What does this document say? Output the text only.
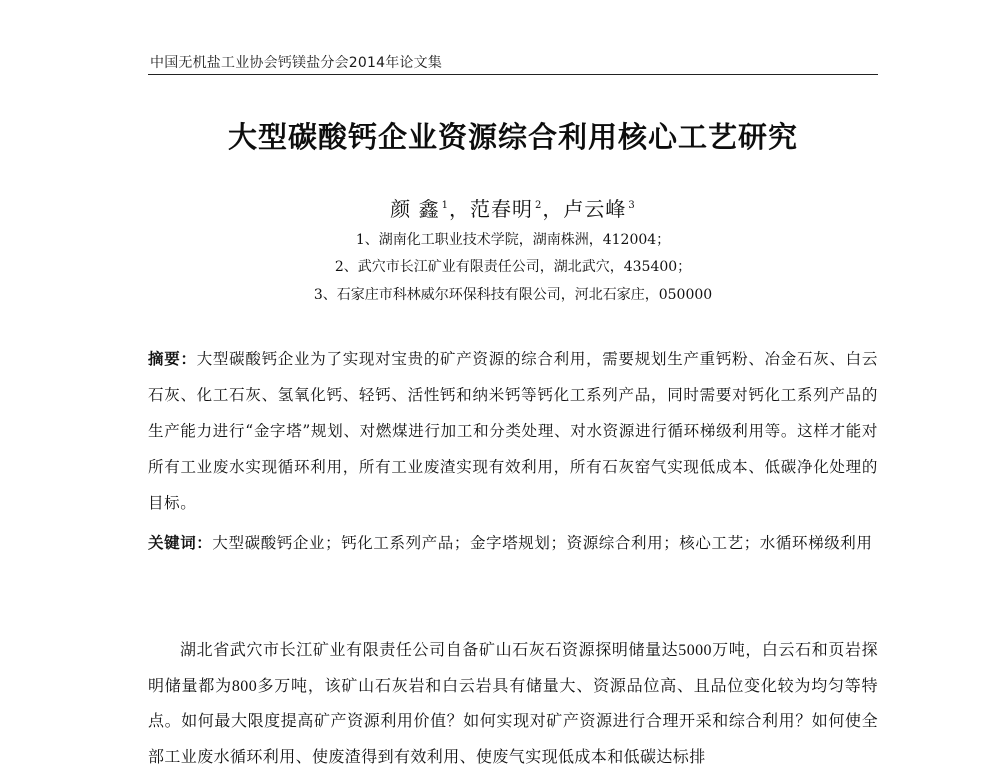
中国无机盐工业协会钙镁盐分会2014年论文集
大型碳酸钙企业资源综合利用核心工艺研究
颜 鑫 $^1$，范春明 $^2$，卢云峰 $^3$
1、湖南化工职业技术学院，湖南株洲，412004；
2、武穴市长江矿业有限责任公司，湖北武穴，435400；
3、石家庄市科林威尔环保科技有限公司，河北石家庄，050000
摘要：大型碳酸钙企业为了实现对宝贵的矿产资源的综合利用，需要规划生产重钙粉、冶金石灰、白云石灰、化工石灰、氢氧化钙、轻钙、活性钙和纳米钙等钙化工系列产品，同时需要对钙化工系列产品的生产能力进行“金字塔”规划、对燃煤进行加工和分类处理、对水资源进行循环梯级利用等。这样才能对所有工业废水实现循环利用，所有工业废渣实现有效利用，所有石灰窑气实现低成本、低碳净化处理的目标。
关键词：大型碳酸钙企业；钙化工系列产品；金字塔规划；资源综合利用；核心工艺；水循环梯级利用
湖北省武穴市长江矿业有限责任公司自备矿山石灰石资源探明储量达5000万吨，白云石和页岩探明储量都为800多万吨，该矿山石灰岩和白云岩具有储量大、资源品位高、且品位变化较为均匀等特点。如何最大限度提高矿产资源利用价值？如何实现对矿产资源进行合理开采和综合利用？如何使全部工业废水循环利用、使废渣得到有效利用、使废气实现低成本和低碳达标排
